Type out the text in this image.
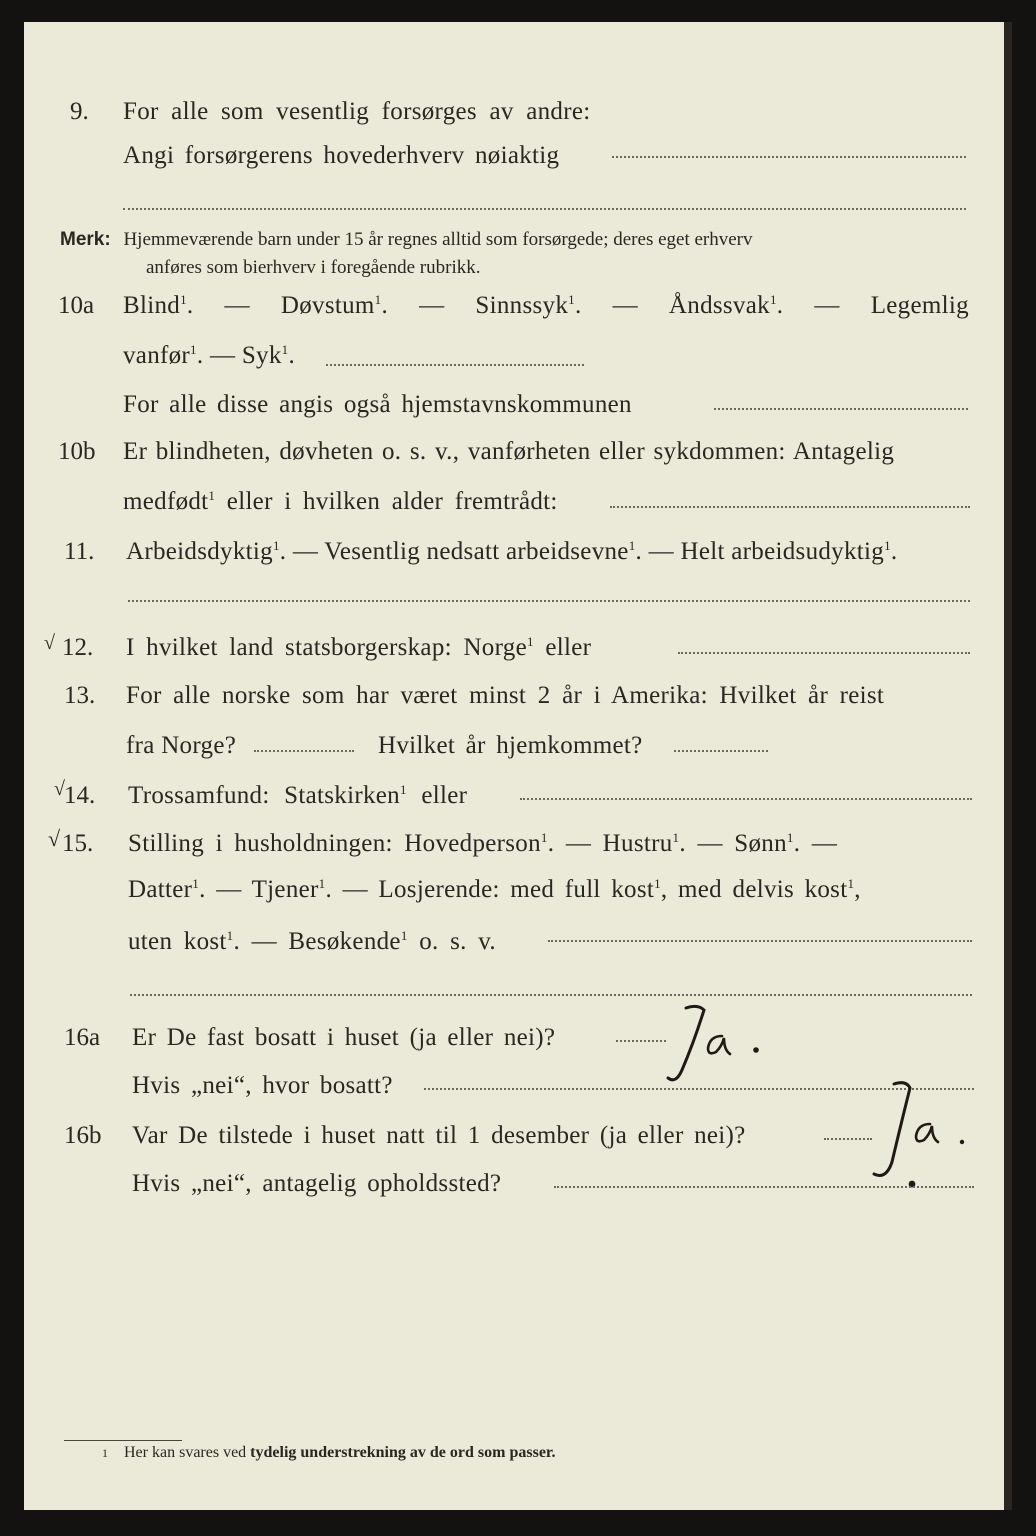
9. For alle som vesentlig forsørges av andre:
Angi forsørgerens hovederhverv nøiaktig
Merk: Hjemmeværende barn under 15 år regnes alltid som forsørgede; deres eget erhverv
anføres som bierhverv i foregående rubrikk.
10a Blind$^1$. — Døvstum$^1$. — Sinnssyk$^1$. — Åndssvak$^1$. — Legemlig
vanfør$^1$. — Syk$^1$.
For alle disse angis også hjemstavnskommunen
10b Er blindheten, døvheten o. s. v., vanførheten eller sykdommen: Antagelig
medfødt$^1$ eller i hvilken alder fremtrådt:
11. Arbeidsdyktig$^1$. — Vesentlig nedsatt arbeidsevne$^1$. — Helt arbeidsudyktig$^1$.
√ 12. I hvilket land statsborgerskap: Norge$^1$ eller
13. For alle norske som har været minst 2 år i Amerika: Hvilket år reist
fra Norge?	Hvilket år hjemkommet?
√ 14. Trossamfund: Statskirken$^1$ eller
√ 15. Stilling i husholdningen: Hovedperson$^1$. — Hustru$^1$. — Sønn$^1$. —
Datter$^1$. — Tjener$^1$. — Losjerende: med full kost$^1$, med delvis kost$^1$,
uten kost$^1$. — Besøkende$^1$ o. s. v.
16a Er De fast bosatt i huset (ja eller nei)?
Hvis „nei“, hvor bosatt?
16b Var De tilstede i huset natt til 1 desember (ja eller nei)?
Hvis „nei“, antagelig opholdssted?
1 Her kan svares ved tydelig understrekning av de ord som passer.
